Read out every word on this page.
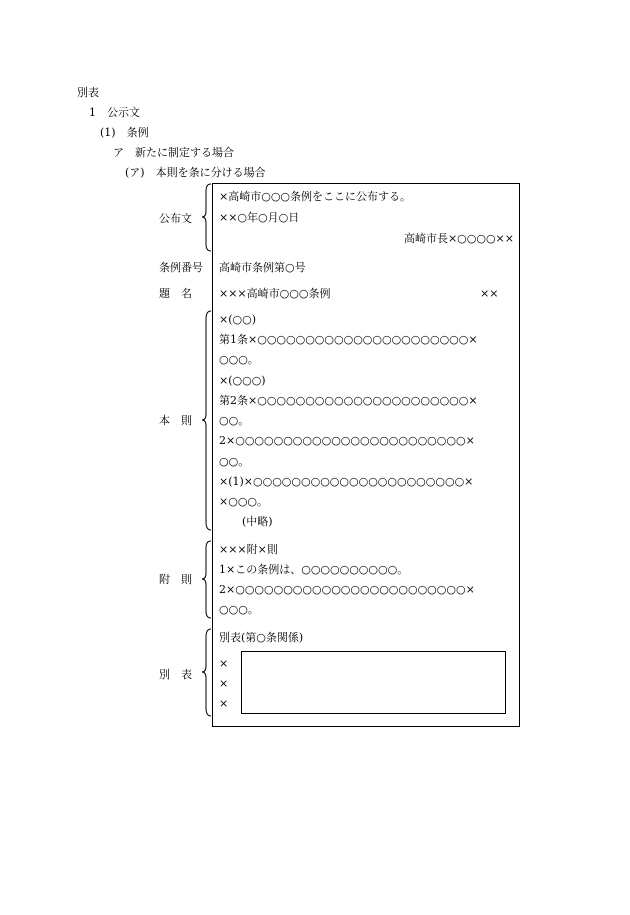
別表
1　公示文
(1)　条例
ア　新たに制定する場合
(ア)　本則を条に分ける場合
公布文
条例番号
題　名
本　則
附　則
別　表
×高崎市○○○条例をここに公布する。
××○年○月○日
高崎市長×○○○○××
高崎市条例第○号
×××高崎市○○○条例	××
×(○○)
第1条×○○○○○○○○○○○○○○○○○○○○○○×
○○○。
×(○○○)
第2条×○○○○○○○○○○○○○○○○○○○○○○×
○○。
2×○○○○○○○○○○○○○○○○○○○○○○○○×
○○。
×(1)×○○○○○○○○○○○○○○○○○○○○○○×
×○○○。
(中略)
×××附×則
1×この条例は、○○○○○○○○○○。
2×○○○○○○○○○○○○○○○○○○○○○○○○×
○○○。
別表(第○条関係)
×
×
×
